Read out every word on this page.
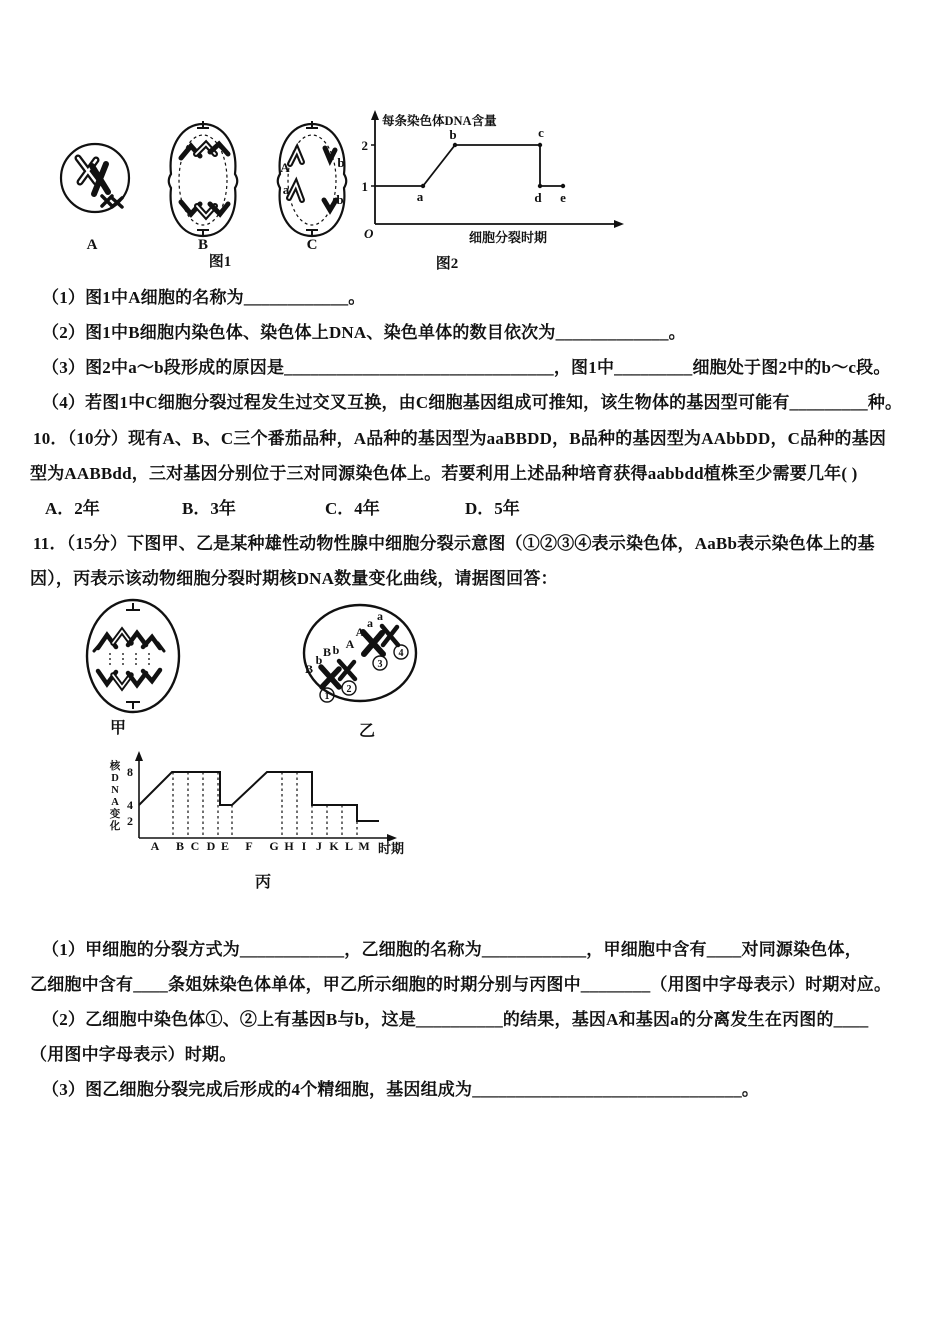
A	B
A
a
b
b
C
图1
每条染色体DNA含量
2
1
a
b	c
d e
O	细胞分裂时期
图2
（1）图1中A细胞的名称为____________。
（2）图1中B细胞内染色体、染色体上DNA、染色单体的数目依次为_____________。
（3）图2中a～b段形成的原因是_______________________________，图1中_________细胞处于图2中的b～c段。
（4）若图1中C细胞分裂过程发生过交叉互换，由C细胞基因组成可推知，该生物体的基因型可能有_________种。
10．（10分）现有A、B、C三个番茄品种，A品种的基因型为aaBBDD，B品种的基因型为AAbbDD，C品种的基因
型为AABBdd，三对基因分别位于三对同源染色体上。若要利用上述品种培育获得aabbdd植株至少需要几年( )
A．2年	B．3年	C．4年	D．5年
11．（15分）下图甲、乙是某种雄性动物性腺中细胞分裂示意图（①②③④表示染色体，AaBb表示染色体上的基
因），丙表示该动物细胞分裂时期核DNA数量变化曲线，请据图回答：
甲
B
b
B b
1
2
A
A
a a
3
4
乙
核
D
N
A
变
化
8
4
2
A B C D E F G H I J K L M 时期
丙
（1）甲细胞的分裂方式为____________，乙细胞的名称为____________，甲细胞中含有____对同源染色体，
乙细胞中含有____条姐妹染色体单体，甲乙所示细胞的时期分别与丙图中________（用图中字母表示）时期对应。
（2）乙细胞中染色体①、②上有基因B与b，这是__________的结果，基因A和基因a的分离发生在丙图的____
（用图中字母表示）时期。
（3）图乙细胞分裂完成后形成的4个精细胞，基因组成为_______________________________。
